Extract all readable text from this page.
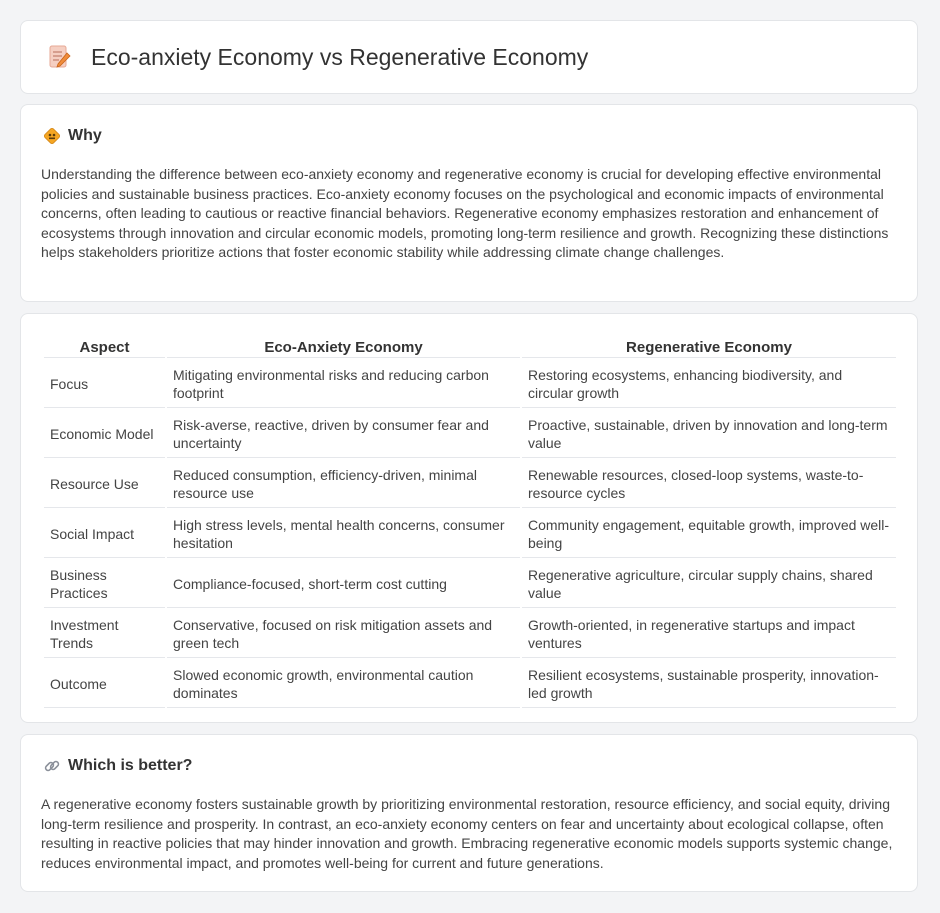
Eco-anxiety Economy vs Regenerative Economy
Why

Understanding the difference between eco-anxiety economy and regenerative economy is crucial for developing effective environmental policies and sustainable business practices. Eco-anxiety economy focuses on the psychological and economic impacts of environmental concerns, often leading to cautious or reactive financial behaviors. Regenerative economy emphasizes restoration and enhancement of ecosystems through innovation and circular economic models, promoting long-term resilience and growth. Recognizing these distinctions helps stakeholders prioritize actions that foster economic stability while addressing climate change challenges.

Aspect	Eco-Anxiety Economy	Regenerative Economy
Focus	Mitigating environmental risks and reducing carbon footprint	Restoring ecosystems, enhancing biodiversity, and circular growth
Economic Model	Risk-averse, reactive, driven by consumer fear and uncertainty	Proactive, sustainable, driven by innovation and long-term value
Resource Use	Reduced consumption, efficiency-driven, minimal resource use	Renewable resources, closed-loop systems, waste-to-resource cycles
Social Impact	High stress levels, mental health concerns, consumer hesitation	Community engagement, equitable growth, improved well-being
Business Practices	Compliance-focused, short-term cost cutting	Regenerative agriculture, circular supply chains, shared value
Investment Trends	Conservative, focused on risk mitigation assets and green tech	Growth-oriented, in regenerative startups and impact ventures
Outcome	Slowed economic growth, environmental caution dominates	Resilient ecosystems, sustainable prosperity, innovation-led growth
Which is better?

A regenerative economy fosters sustainable growth by prioritizing environmental restoration, resource efficiency, and social equity, driving long-term resilience and prosperity. In contrast, an eco-anxiety economy centers on fear and uncertainty about ecological collapse, often resulting in reactive policies that may hinder innovation and growth. Embracing regenerative economic models supports systemic change, reduces environmental impact, and promotes well-being for current and future generations.
